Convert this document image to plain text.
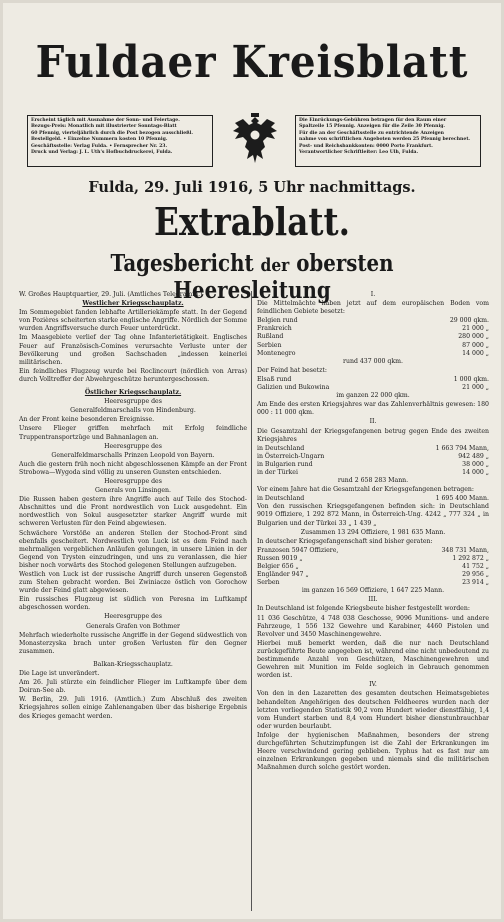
Fuldaer Kreisblatt

Erscheint täglich mit Ausnahme der Sonn- und Feiertage.

Bezugs-Preis: Monatlich mit illustrierter Sonntags-Blatt

60 Pfennig, vierteljährlich durch die Post bezogen ausschließl.

Bestellgeld. • Einzelne Nummern kosten 10 Pfennig.

Geschäftsstelle: Verlag Fulda. • Fernsprecher Nr. 23.

Druck und Verlag: J. L. Uth's Hofbuchdruckerei, Fulda.

Die Einrückungs-Gebühren betragen für den Raum einer

Spaltzeile 15 Pfennig. Anzeigen für die Zeile 30 Pfennig.

Für die an der Geschäftsstelle zu entrichtende Anzeigen

nahme von schriftlichen Angeboten werden 25 Pfennig berechnet.

Post- und Reichsbankkonten: 0000 Porto Frankfurt.

Verantwortlicher Schriftleiter: Leo Ulh, Fulda.

Fulda, 29. Juli 1916, 5 Uhr nachmittags.
Extrablatt.
Tagesbericht der obersten Heeresleitung

W. Großes Hauptquartier, 29. Juli. (Amtliches Telegramm.)

Westlicher Kriegsschauplatz.

Im Sommegebiet fanden lebhafte Artilleriekämpfe statt. In der Gegend von Pozières scheiterten starke englische Angriffe. Nördlich der Somme wurden Angriffsversuche durch Feuer unterdrückt.

Im Maasgebiete verlief der Tag ohne Infanterietätigkeit. Englisches Feuer auf Französisch-Comines verursachte Verluste unter der Bevölkerung und großen Sachschaden „indessen keinerlei militärischen.

Ein feindliches Flugzeug wurde bei Roclincourt (nördlich von Arras) durch Volltreffer der Abwehrgeschütze heruntergeschossen.

Östlicher Kriegsschauplatz.

Heeresgruppe des

Generalfeldmarschalls von Hindenburg.

An der Front keine besonderen Ereignisse.

Unsere Flieger griffen mehrfach mit Erfolg feindliche Truppentransportzüge und Bahnanlagen an.

Heeresgruppe des

Generalfeldmarschalls Prinzen Leopold von Bayern.

Auch die gestern früh noch nicht abgeschlossenen Kämpfe an der Front Strobowa—Wygoda sind völlig zu unseren Gunsten entschieden.

Heeresgruppe des

Generals von Linsingen.

Die Russen haben gestern ihre Angriffe auch auf Teile des Stochod-Abschnittes und die Front nordwestlich von Luck ausgedehnt. Ein nordwestlich von Sokul ausgesetzter starker Angriff wurde mit schweren Verlusten für den Feind abgewiesen.

Schwächere Vorstöße an anderen Stellen der Stochod-Front sind ebenfalls gescheitert. Nordwestlich von Luck ist es dem Feind nach mehrmaligen vergeblichen Anläufen gelungen, in unsere Linien in der Gegend von Trysten einzudringen, und uns zu veranlassen, die hier bisher noch vorwärts des Stochod gelegenen Stellungen aufzugeben.

Westlich von Luck ist der russische Angriff durch unseren Gegenstoß zum Stehen gebracht worden. Bei Zwiniacze östlich von Gorochow wurde der Feind glatt abgewiesen.

Ein russisches Flugzeug ist südlich von Peresna im Luftkampf abgeschossen worden.

Heeresgruppe des

Generals Grafen von Bothmer

Mehrfach wiederholte russische Angriffe in der Gegend südwestlich von Monasterzyska brach unter großen Verlusten für den Gegner zusammen.

Balkan-Kriegsschauplatz.

Die Lage ist unverändert.

Am 26. Juli stürzte ein feindlicher Flieger im Luftkampfe über dem Doiran-See ab.

W. Berlin, 29. Juli 1916. (Amtlich.) Zum Abschluß des zweiten Kriegsjahres sollen einige Zahlenangaben über das bisherige Ergebnis des Krieges gemacht werden.

I.

Die Mittelmächte haben jetzt auf dem europäischen Boden vom feindlichen Gebiete besetzt:

Belgien rund	29 000 qkm.
Frankreich	21 000 „
Rußland	280 000 „
Serbien	87 000 „
Montenegro	14 000 „

rund 437 000 qkm.

Der Feind hat besetzt:

Elsaß rund	1 000 qkm.
Galizien und Bukowina	21 000 „

im ganzen 22 000 qkm.

Am Ende des ersten Kriegsjahres war das Zahlenverhältnis gewesen: 180 000 : 11 000 qkm.

II.

Die Gesamtzahl der Kriegsgefangenen betrug gegen Ende des zweiten Kriegsjahres

in Deutschland	1 663 794 Mann,
in Österreich-Ungarn	942 489 „
in Bulgarien rund	38 000 „
in der Türkei	14 000 „

rund 2 658 283 Mann.

Vor einem Jahre hat die Gesamtzahl der Kriegsgefangenen betragen:

in Deutschland	1 695 400 Mann.

Von den russischen Kriegsgefangenen befinden sich: in Deutschland 9019 Offiziere, 1 292 872 Mann, in Österreich-Ung. 4242 „ 777 324 „ in Bulgarien und der Türkei 33 „ 1 439 „

Zusammen 13 294 Offiziere, 1 981 635 Mann.

In deutscher Kriegsgefangenschaft sind bisher geraten:

Franzosen 5947 Offiziere,	348 731 Mann,
Russen 9019 „	1 292 872 „
Belgier 656 „	41 752 „
Engländer 947 „	29 956 „
Serben	23 914 „

im ganzen 16 569 Offiziere, 1 647 225 Mann.

III.

In Deutschland ist folgende Kriegsbeute bisher festgestellt worden:

11 036 Geschütze, 4 748 038 Geschosse, 9096 Munitions- und andere Fahrzeuge, 1 556 132 Gewehre und Karabiner, 4460 Pistolen und Revolver und 3450 Maschinengewehre.

Hierbei muß bemerkt werden, daß die nur nach Deutschland zurückgeführte Beute angegeben ist, während eine nicht unbedeutend zu bestimmende Anzahl von Geschützen, Maschinengewehren und Gewehren mit Munition im Felde sogleich in Gebrauch genommen worden ist.

IV.

Von den in den Lazaretten des gesamten deutschen Heimatsgebietes behandelten Angehörigen des deutschen Feldheeres wurden nach der letzten vorliegenden Statistik 90,2 vom Hundert wieder dienstfähig, 1,4 vom Hundert starben und 8,4 vom Hundert bisher dienstunbrauchbar oder wurden beurlaubt.

Infolge der hygienischen Maßnahmen, besonders der streng durchgeführten Schutzimpfungen ist die Zahl der Erkrankungen im Heere verschwindend gering geblieben. Typhus hat es fast nur am einzelnen Erkrankungen gegeben und niemals sind die militärischen Maßnahmen durch solche gestört worden.
